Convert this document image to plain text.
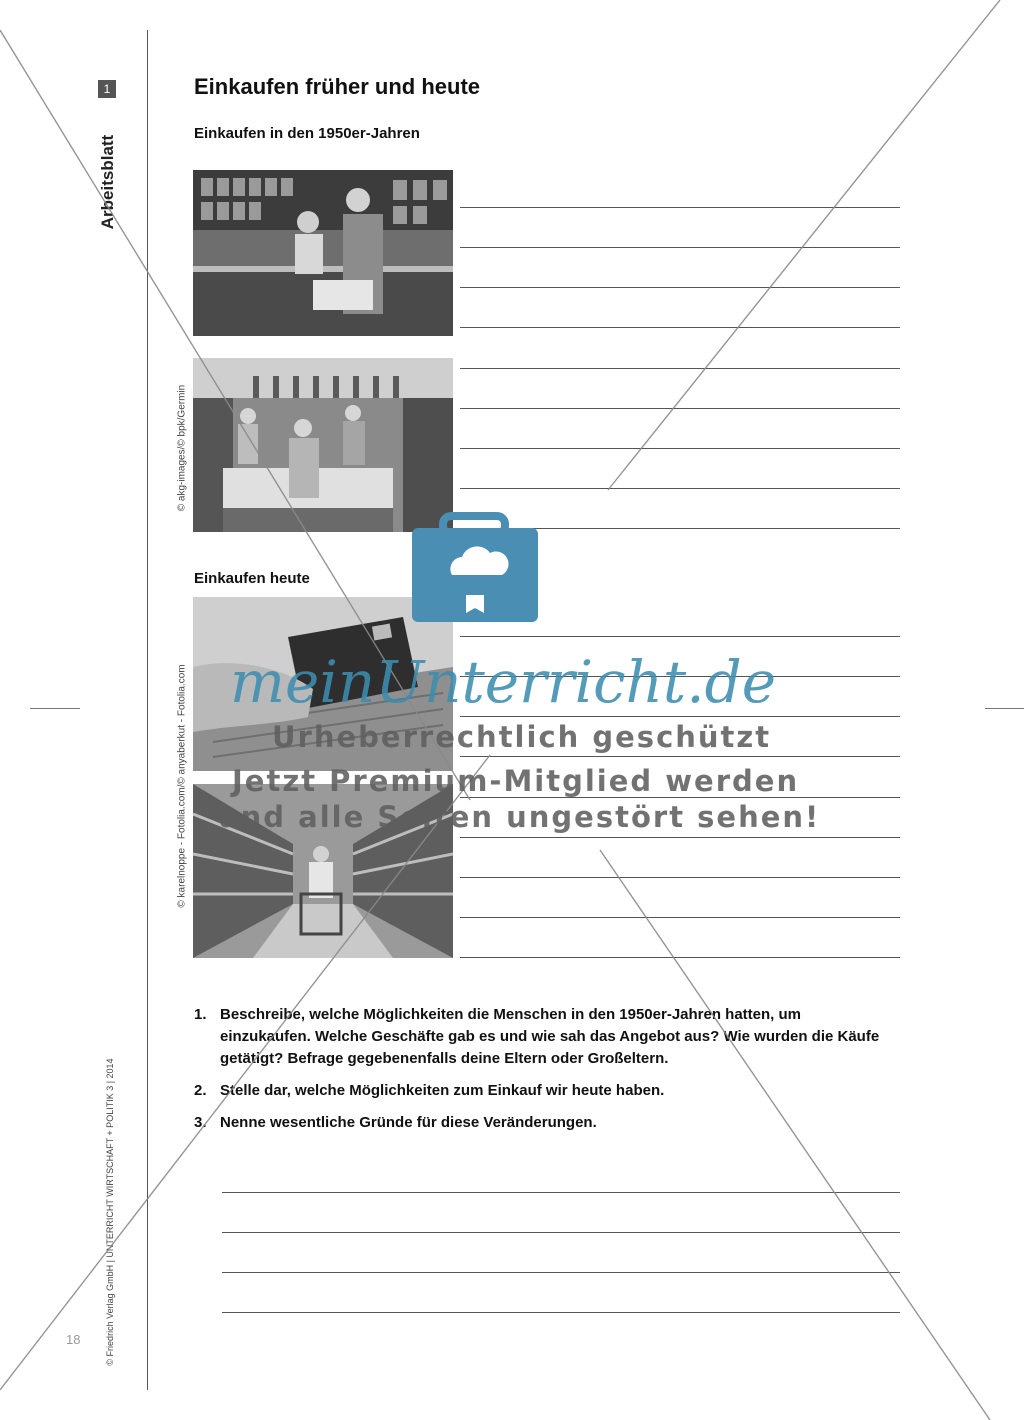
1
Arbeitsblatt
© Friedrich Verlag GmbH | UNTERRICHT WIRTSCHAFT + POLITIK 3 | 2014
18
Einkaufen früher und heute
Einkaufen in den 1950er-Jahren
© akg-images/© bpk/Germin
Einkaufen heute
© karelnoppe - Fotolia.com/© anyaberkut - Fotolia.com
1. Beschreibe, welche Möglichkeiten die Menschen in den 1950er-Jahren hatten, um einzukaufen. Welche Geschäfte gab es und wie sah das Angebot aus? Wie wurden die Käufe getätigt? Befrage gegebenenfalls deine Eltern oder Großeltern.
2. Stelle dar, welche Möglichkeiten zum Einkauf wir heute haben.
3. Nenne wesentliche Gründe für diese Veränderungen.
meinUnterricht.de
Urheberrechtlich geschützt
Jetzt Premium-Mitglied werden
und alle Seiten ungestört sehen!
